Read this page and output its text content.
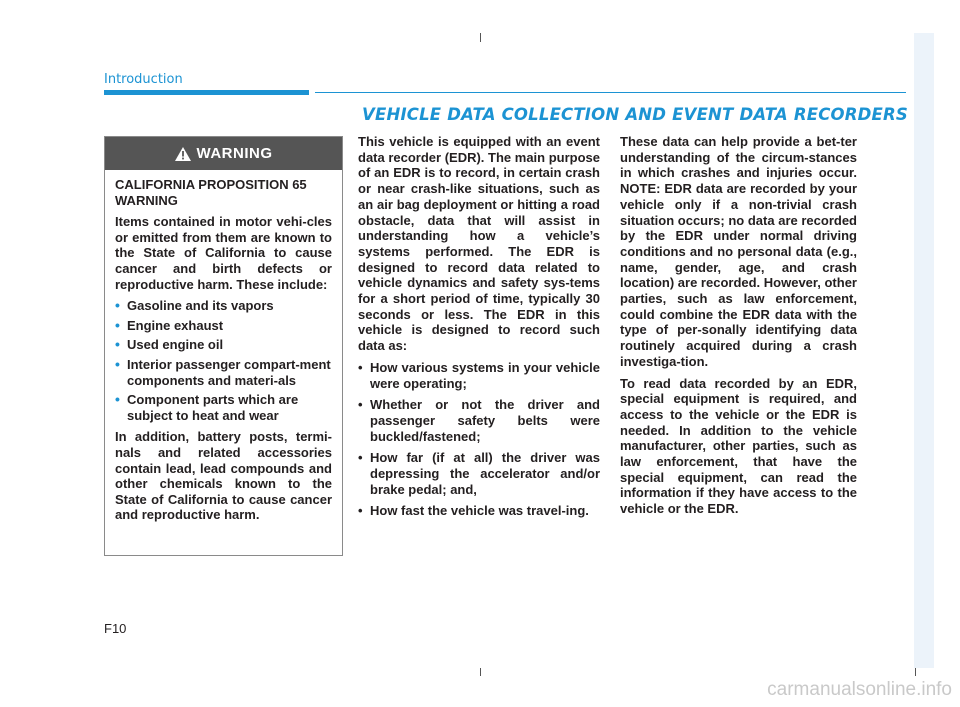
Introduction
VEHICLE DATA COLLECTION AND EVENT DATA RECORDERS
WARNING

CALIFORNIA PROPOSITION 65 WARNING

Items contained in motor vehi-cles or emitted from them are known to the State of California to cause cancer and birth defects or reproductive harm. These include:

• Gasoline and its vapors
• Engine exhaust
• Used engine oil
• Interior passenger compart-ment components and materi-als
• Component parts which are subject to heat and wear

In addition, battery posts, termi-nals and related accessories contain lead, lead compounds and other chemicals known to the State of California to cause cancer and reproductive harm.

This vehicle is equipped with an event data recorder (EDR). The main purpose of an EDR is to record, in certain crash or near crash-like situations, such as an air bag deployment or hitting a road obstacle, data that will assist in understanding how a vehicle’s systems performed. The EDR is designed to record data related to vehicle dynamics and safety sys-tems for a short period of time, typically 30 seconds or less. The EDR in this vehicle is designed to record such data as:

• How various systems in your vehicle were operating;
• Whether or not the driver and passenger safety belts were buckled/fastened;
• How far (if at all) the driver was depressing the accelerator and/or brake pedal; and,
• How fast the vehicle was travel-ing.

These data can help provide a bet-ter understanding of the circum-stances in which crashes and injuries occur. NOTE: EDR data are recorded by your vehicle only if a non-trivial crash situation occurs; no data are recorded by the EDR under normal driving conditions and no personal data (e.g., name, gender, age, and crash location) are recorded. However, other parties, such as law enforcement, could combine the EDR data with the type of per-sonally identifying data routinely acquired during a crash investiga-tion.

To read data recorded by an EDR, special equipment is required, and access to the vehicle or the EDR is needed. In addition to the vehicle manufacturer, other parties, such as law enforcement, that have the special equipment, can read the information if they have access to the vehicle or the EDR.

F10
carmanualsonline.info
